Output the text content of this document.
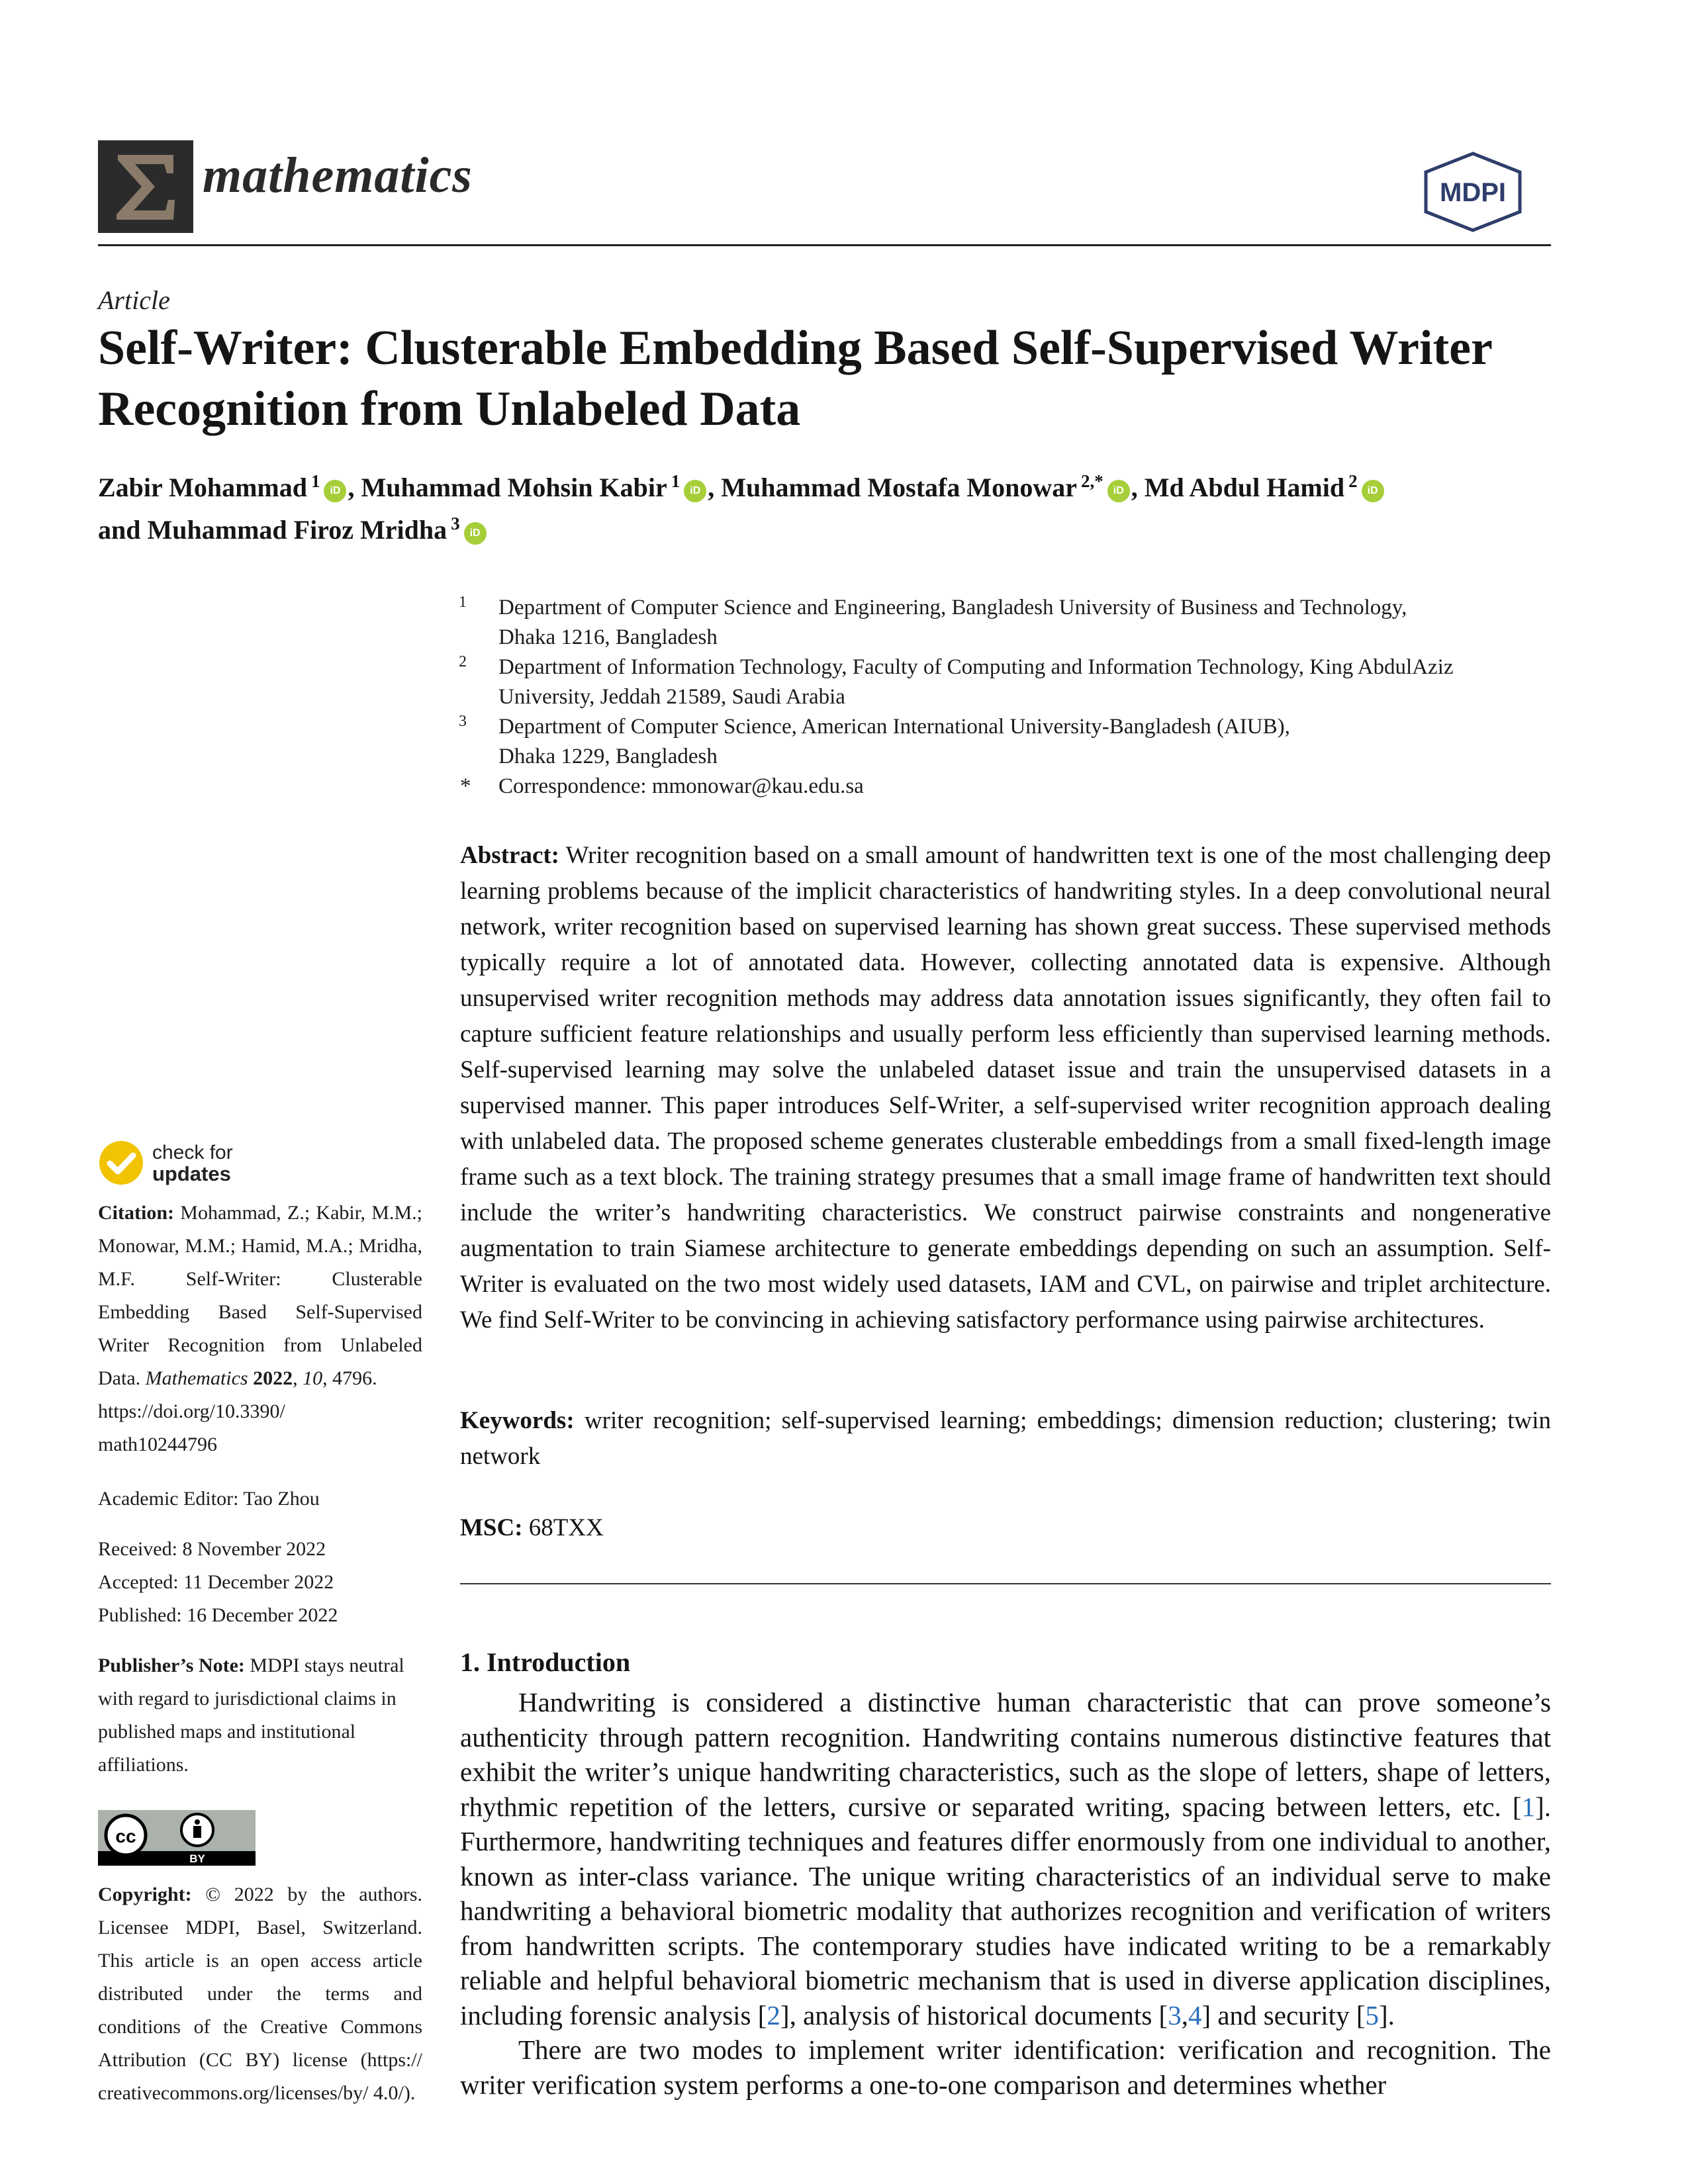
mathematics	MDPI
Article
Self-Writer: Clusterable Embedding Based Self-Supervised Writer Recognition from Unlabeled Data
Zabir Mohammad $^1$ iD , Muhammad Mohsin Kabir $^1$ iD , Muhammad Mostafa Monowar $^{2,*}$ iD , Md Abdul Hamid $^2$ iD
and Muhammad Firoz Mridha $^3$ iD
1 Department of Computer Science and Engineering, Bangladesh University of Business and Technology,
Dhaka 1216, Bangladesh
2 Department of Information Technology, Faculty of Computing and Information Technology, King AbdulAziz
University, Jeddah 21589, Saudi Arabia
3 Department of Computer Science, American International University-Bangladesh (AIUB),
Dhaka 1229, Bangladesh
* Correspondence: mmonowar@kau.edu.sa
Abstract: Writer recognition based on a small amount of handwritten text is one of the most challenging deep learning problems because of the implicit characteristics of handwriting styles. In a deep convolutional neural network, writer recognition based on supervised learning has shown great success. These supervised methods typically require a lot of annotated data. However, collecting annotated data is expensive. Although unsupervised writer recognition methods may address data annotation issues significantly, they often fail to capture sufficient feature relationships and usually perform less efficiently than supervised learning methods. Self-supervised learning may solve the unlabeled dataset issue and train the unsupervised datasets in a supervised manner. This paper introduces Self-Writer, a self-supervised writer recognition approach dealing with unlabeled data. The proposed scheme generates clusterable embeddings from a small fixed-length image frame such as a text block. The training strategy presumes that a small image frame of handwritten text should include the writer’s handwriting characteristics. We construct pairwise constraints and nongenerative augmentation to train Siamese architecture to generate embeddings depending on such an assumption. Self-Writer is evaluated on the two most widely used datasets, IAM and CVL, on pairwise and triplet architecture. We find Self-Writer to be convincing in achieving satisfactory performance using pairwise architectures.
Keywords: writer recognition; self-supervised learning; embeddings; dimension reduction; clustering; twin network
MSC: 68TXX
1. Introduction

Handwriting is considered a distinctive human characteristic that can prove someone’s authenticity through pattern recognition. Handwriting contains numerous distinctive features that exhibit the writer’s unique handwriting characteristics, such as the slope of letters, shape of letters, rhythmic repetition of the letters, cursive or separated writing, spacing between letters, etc. [1]. Furthermore, handwriting techniques and features differ enormously from one individual to another, known as inter-class variance. The unique writing characteristics of an individual serve to make handwriting a behavioral biometric modality that authorizes recognition and verification of writers from handwritten scripts. The contemporary studies have indicated writing to be a remarkably reliable and helpful behavioral biometric mechanism that is used in diverse application disciplines, including forensic analysis [2], analysis of historical documents [3,4] and security [5].

There are two modes to implement writer identification: verification and recognition. The writer verification system performs a one-to-one comparison and determines whether

check for
updates
Citation: Mohammad, Z.; Kabir, M.M.; Monowar, M.M.; Hamid, M.A.; Mridha, M.F. Self-Writer: Clusterable Embedding Based Self-Supervised Writer Recognition from Unlabeled Data. Mathematics 2022, 10, 4796.
https://doi.org/10.3390/
math10244796
Academic Editor: Tao Zhou
Received: 8 November 2022
Accepted: 11 December 2022
Published: 16 December 2022
Publisher’s Note: MDPI stays neutral with regard to jurisdictional claims in published maps and institutional affiliations.
cc
BY
Copyright: © 2022 by the authors. Licensee MDPI, Basel, Switzerland. This article is an open access article distributed under the terms and conditions of the Creative Commons Attribution (CC BY) license (https:// creativecommons.org/licenses/by/ 4.0/).
